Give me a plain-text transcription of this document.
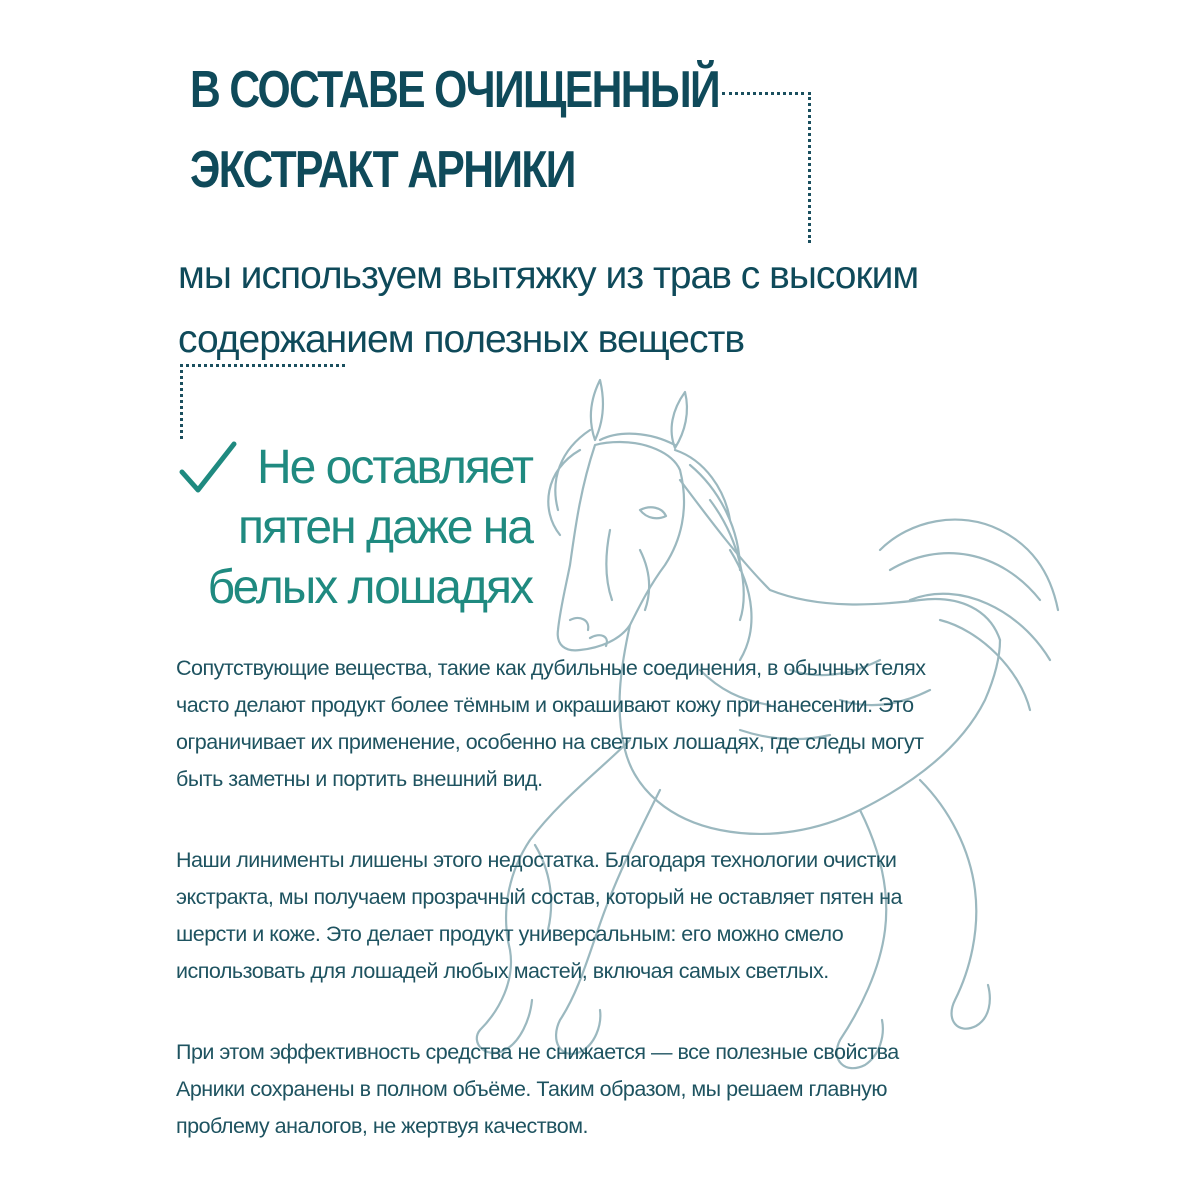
В СОСТАВЕ ОЧИЩЕННЫЙ
ЭКСТРАКТ АРНИКИ
мы используем вытяжку из трав с высоким
содержанием полезных веществ
Не оставляет
пятен даже на
белых лошадях

Сопутствующие вещества, такие как дубильные соединения, в обычных гелях
часто делают продукт более тёмным и окрашивают кожу при нанесении. Это
ограничивает их применение, особенно на светлых лошадях, где следы могут
быть заметны и портить внешний вид.

Наши линименты лишены этого недостатка. Благодаря технологии очистки
экстракта, мы получаем прозрачный состав, который не оставляет пятен на
шерсти и коже. Это делает продукт универсальным: его можно смело
использовать для лошадей любых мастей, включая самых светлых.

При этом эффективность средства не снижается — все полезные свойства
Арники сохранены в полном объёме. Таким образом, мы решаем главную
проблему аналогов, не жертвуя качеством.
